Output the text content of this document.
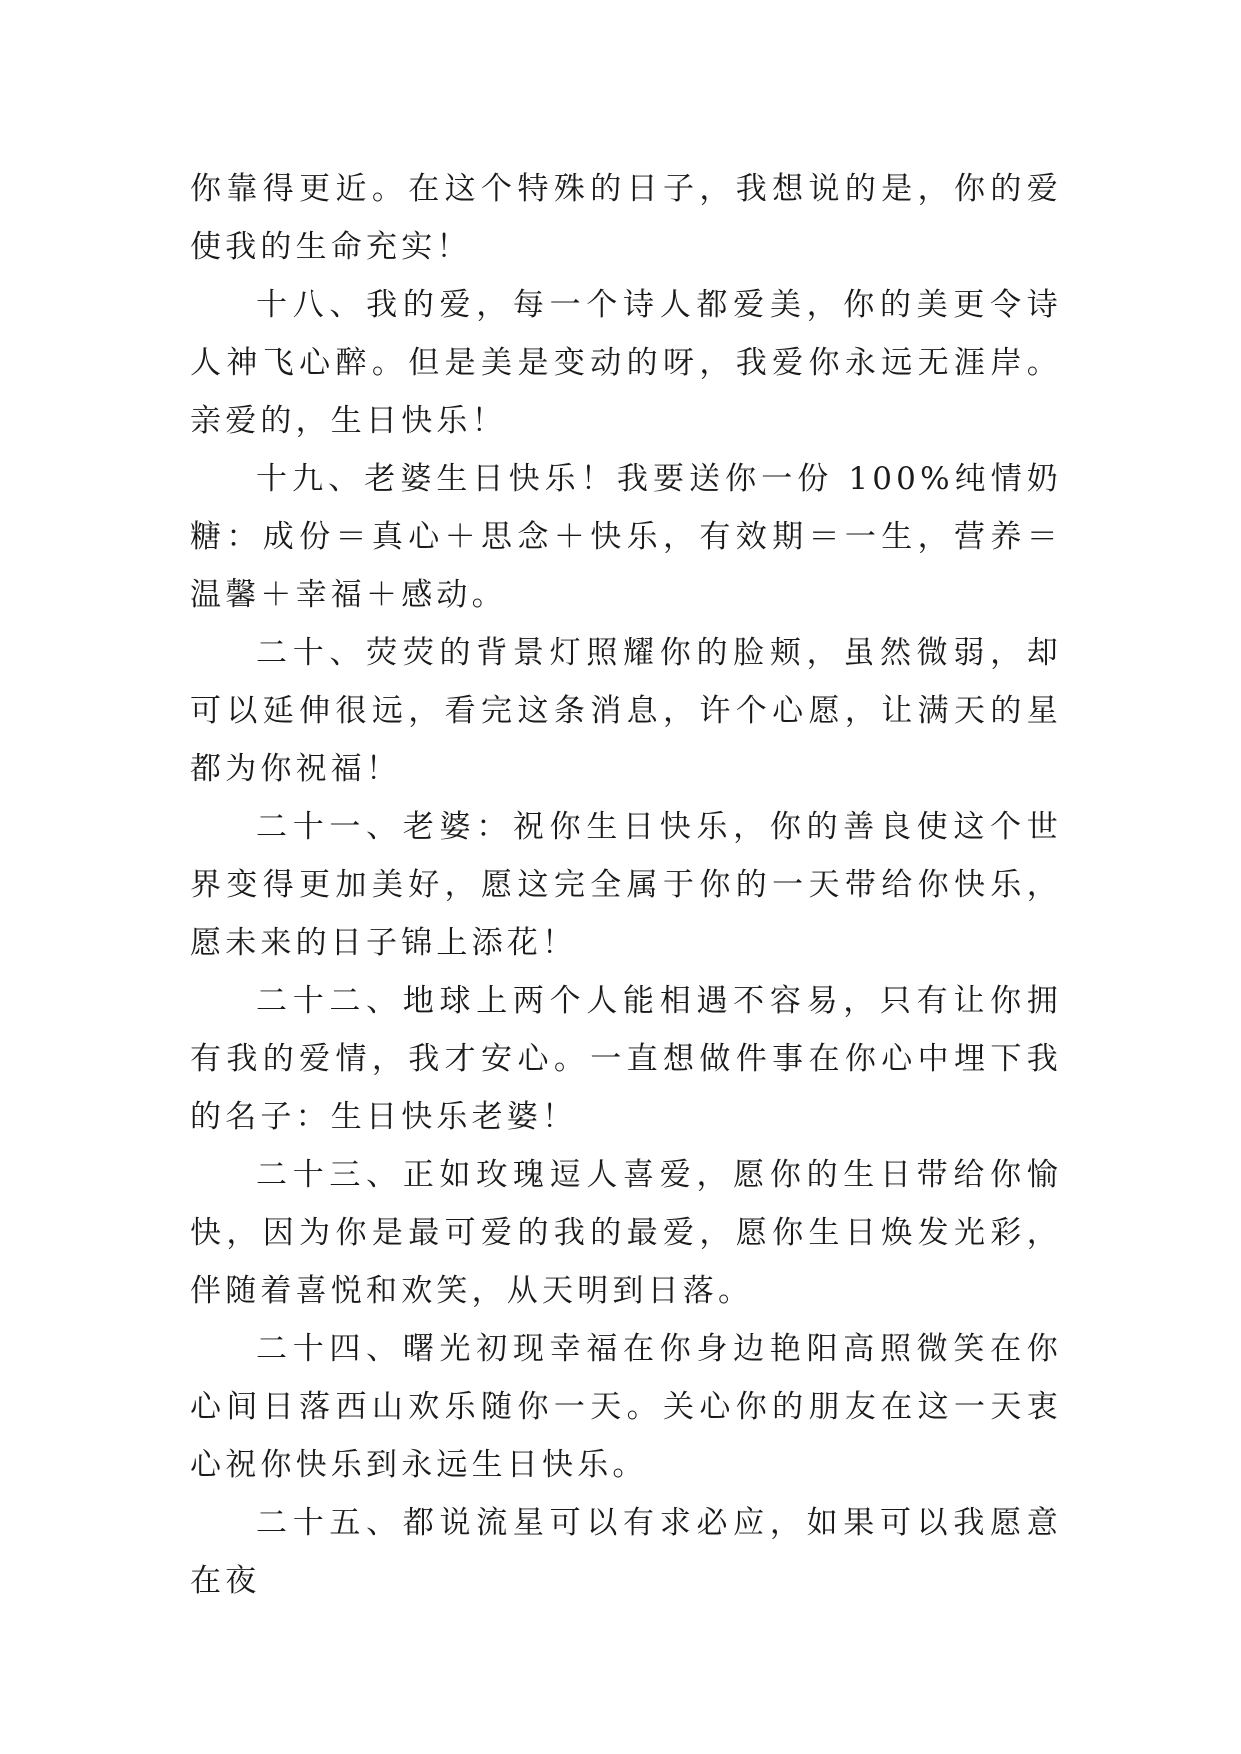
你靠得更近。在这个特殊的日子，我想说的是，你的爱使我的生命充实！

十八、我的爱，每一个诗人都爱美，你的美更令诗人神飞心醉。但是美是变动的呀，我爱你永远无涯岸。亲爱的，生日快乐！

十九、老婆生日快乐！我要送你一份 100%纯情奶糖：成份＝真心＋思念＋快乐，有效期＝一生，营养＝温馨＋幸福＋感动。

二十、荧荧的背景灯照耀你的脸颊，虽然微弱，却可以延伸很远，看完这条消息，许个心愿，让满天的星都为你祝福！

二十一、老婆：祝你生日快乐，你的善良使这个世界变得更加美好，愿这完全属于你的一天带给你快乐，愿未来的日子锦上添花！

二十二、地球上两个人能相遇不容易，只有让你拥有我的爱情，我才安心。一直想做件事在你心中埋下我的名子：生日快乐老婆！

二十三、正如玫瑰逗人喜爱，愿你的生日带给你愉快，因为你是最可爱的我的最爱，愿你生日焕发光彩，伴随着喜悦和欢笑，从天明到日落。

二十四、曙光初现幸福在你身边艳阳高照微笑在你心间日落西山欢乐随你一天。关心你的朋友在这一天衷心祝你快乐到永远生日快乐。

二十五、都说流星可以有求必应，如果可以我愿意在夜
